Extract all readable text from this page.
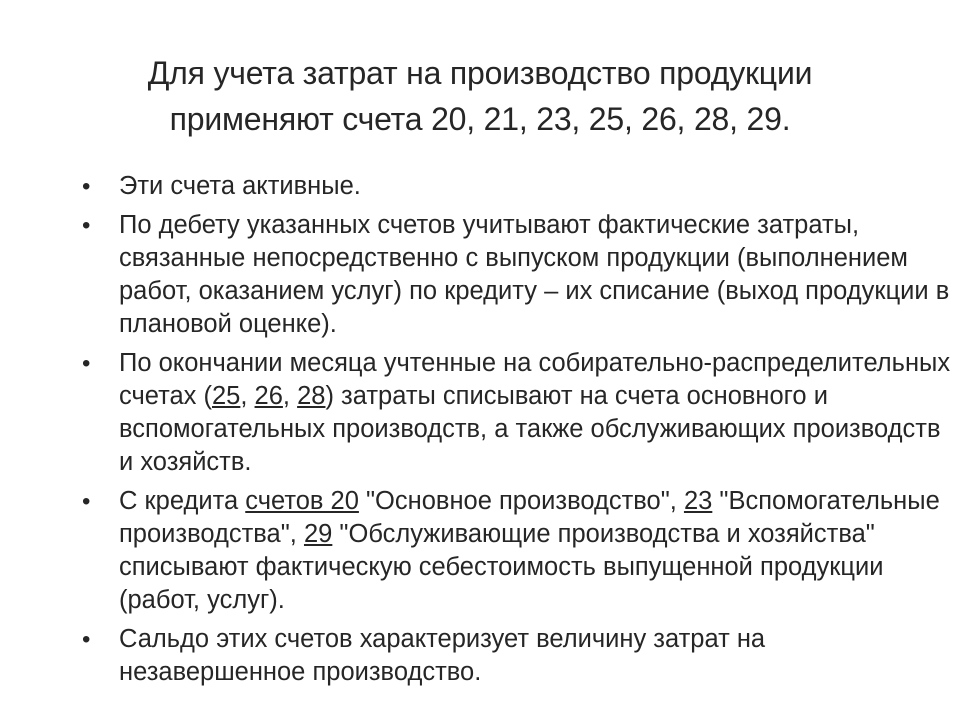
Для учета затрат на производство продукции
применяют счета 20, 21, 23, 25, 26, 28, 29.
• Эти счета активные.
• По дебету указанных счетов учитывают фактические затраты, связанные непосредственно с выпуском продукции (выполнением работ, оказанием услуг) по кредиту – их списание (выход продукции в плановой оценке).
• По окончании месяца учтенные на собирательно-распределительных счетах (25, 26, 28) затраты списывают на счета основного и вспомогательных производств, а также обслуживающих производств и хозяйств.
• С кредита счетов 20 "Основное производство", 23 "Вспомогательные производства", 29 "Обслуживающие производства и хозяйства" списывают фактическую себестоимость выпущенной продукции (работ, услуг).
• Сальдо этих счетов характеризует величину затрат на незавершенное производство.
